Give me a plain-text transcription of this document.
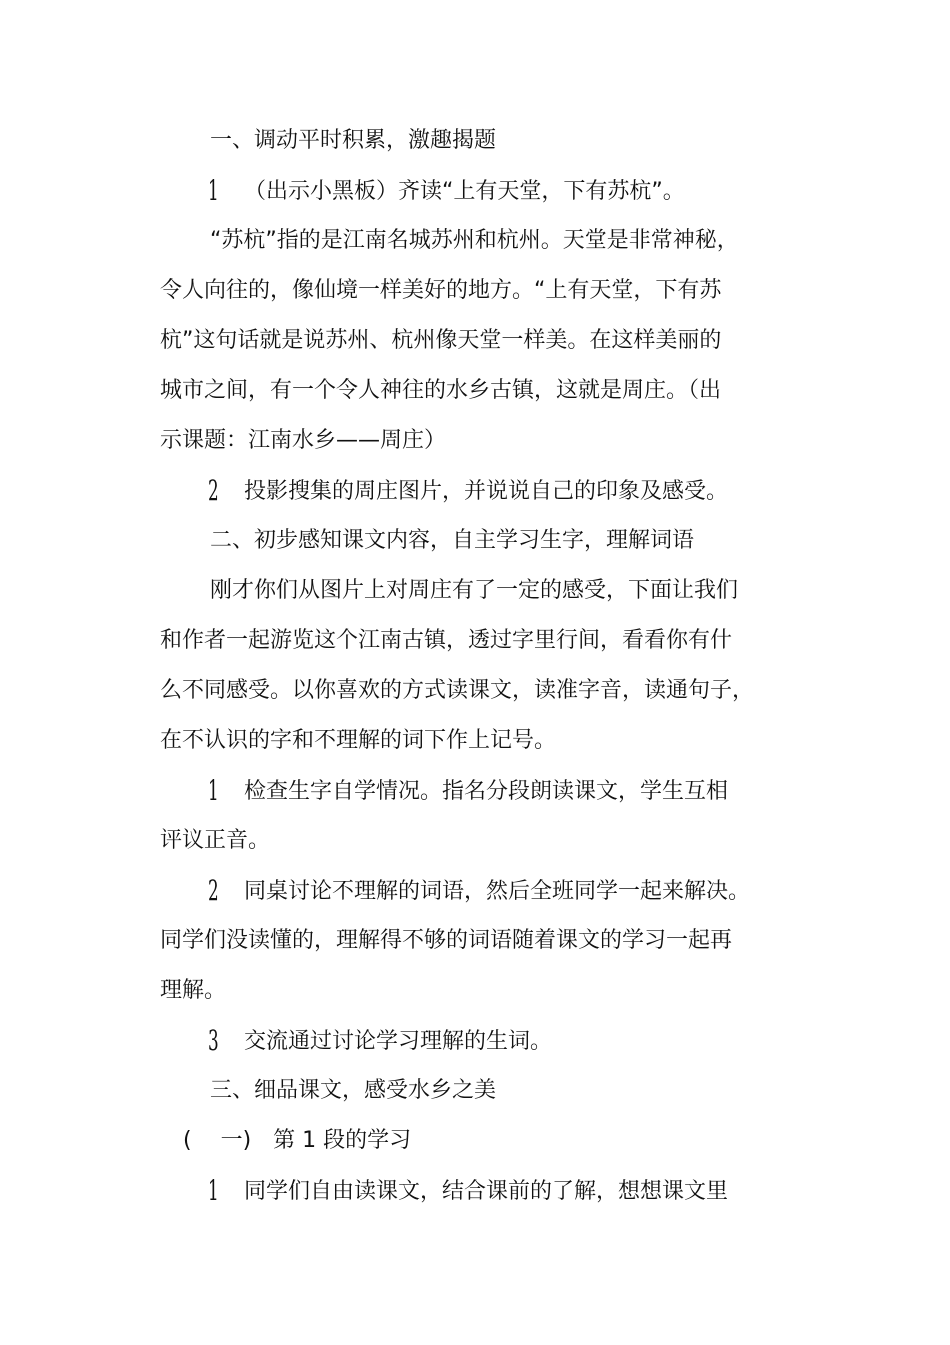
一、调动平时积累，激趣揭题
1 （出示小黑板）齐读“上有天堂，下有苏杭”。
“苏杭”指的是江南名城苏州和杭州。天堂是非常神秘，
令人向往的，像仙境一样美好的地方。“上有天堂，下有苏
杭”这句话就是说苏州、杭州像天堂一样美。在这样美丽的
城市之间，有一个令人神往的水乡古镇，这就是周庄。（出
示课题：江南水乡——周庄）
2 投影搜集的周庄图片，并说说自己的印象及感受。
二、初步感知课文内容，自主学习生字，理解词语
刚才你们从图片上对周庄有了一定的感受，下面让我们
和作者一起游览这个江南古镇，透过字里行间，看看你有什
么不同感受。以你喜欢的方式读课文，读准字音，读通句子，
在不认识的字和不理解的词下作上记号。
1 检查生字自学情况。指名分段朗读课文，学生互相
评议正音。
2 同桌讨论不理解的词语，然后全班同学一起来解决。
同学们没读懂的，理解得不够的词语随着课文的学习一起再
理解。
3 交流通过讨论学习理解的生词。
三、细品课文，感受水乡之美
(　 一)　第 1 段的学习
1 同学们自由读课文，结合课前的了解，想想课文里
